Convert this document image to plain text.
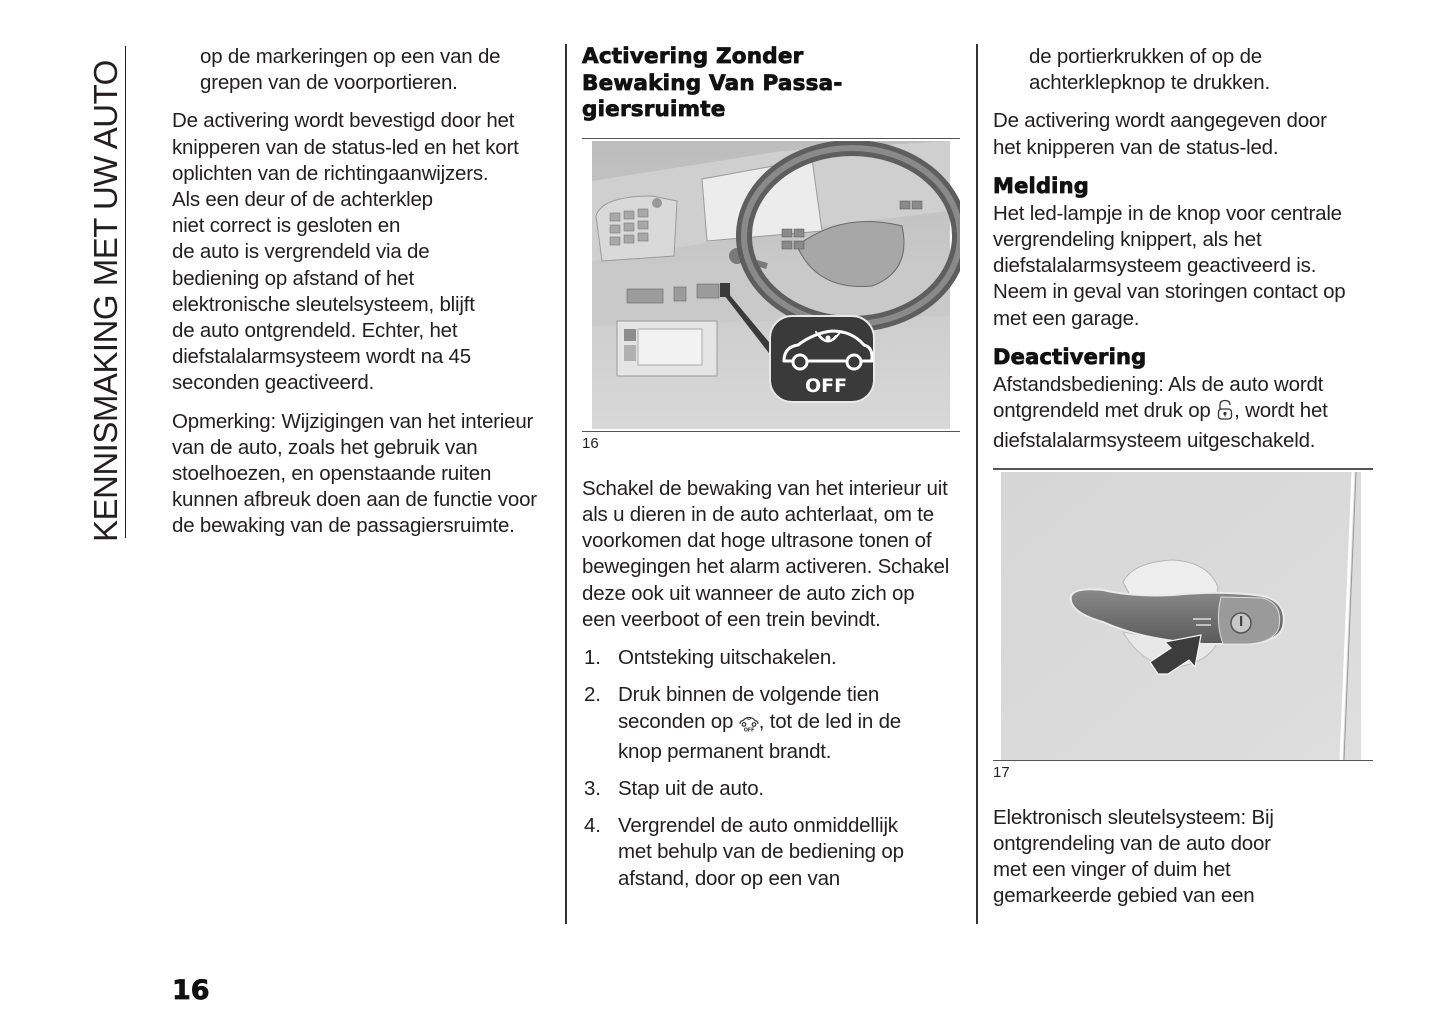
KENNISMAKING MET UW AUTO

op de markeringen op een van de grepen van de voorportieren.

De activering wordt bevestigd door het
knipperen van de status-led en het kort
oplichten van de richtingaanwijzers.
Als een deur of de achterklep
niet correct is gesloten en
de auto is vergrendeld via de
bediening op afstand of het
elektronische sleutelsysteem, blijft
de auto ontgrendeld. Echter, het
diefstalalarmsysteem wordt na 45
seconden geactiveerd.

Opmerking: Wijzigingen van het interieur van de auto, zoals het gebruik van stoelhoezen, en openstaande ruiten kunnen afbreuk doen aan de functie voor de bewaking van de passagiersruimte.

Activering Zonder
Bewaking Van Passa-
giersruimte
OFF
16

Schakel de bewaking van het interieur uit als u dieren in de auto achterlaat, om te voorkomen dat hoge ultrasone tonen of bewegingen het alarm activeren. Schakel deze ook uit wanneer de auto zich op een veerboot of een trein bevindt.

1. Ontsteking uitschakelen.
2. Druk binnen de volgende tien seconden op OFF , tot de led in de knop permanent brandt.
3. Stap uit de auto.
4. Vergrendel de auto onmiddellijk met behulp van de bediening op afstand, door op een van

de portierkrukken of op de achterklepknop te drukken.

De activering wordt aangegeven door het knipperen van de status-led.

Melding

Het led-lampje in de knop voor centrale vergrendeling knippert, als het diefstalalarmsysteem geactiveerd is. Neem in geval van storingen contact op met een garage.

Deactivering

Afstandsbediening: Als de auto wordt ontgrendeld met druk op , wordt het diefstalalarmsysteem uitgeschakeld.

17

Elektronisch sleutelsysteem: Bij ontgrendeling van de auto door met een vinger of duim het gemarkeerde gebied van een

16
